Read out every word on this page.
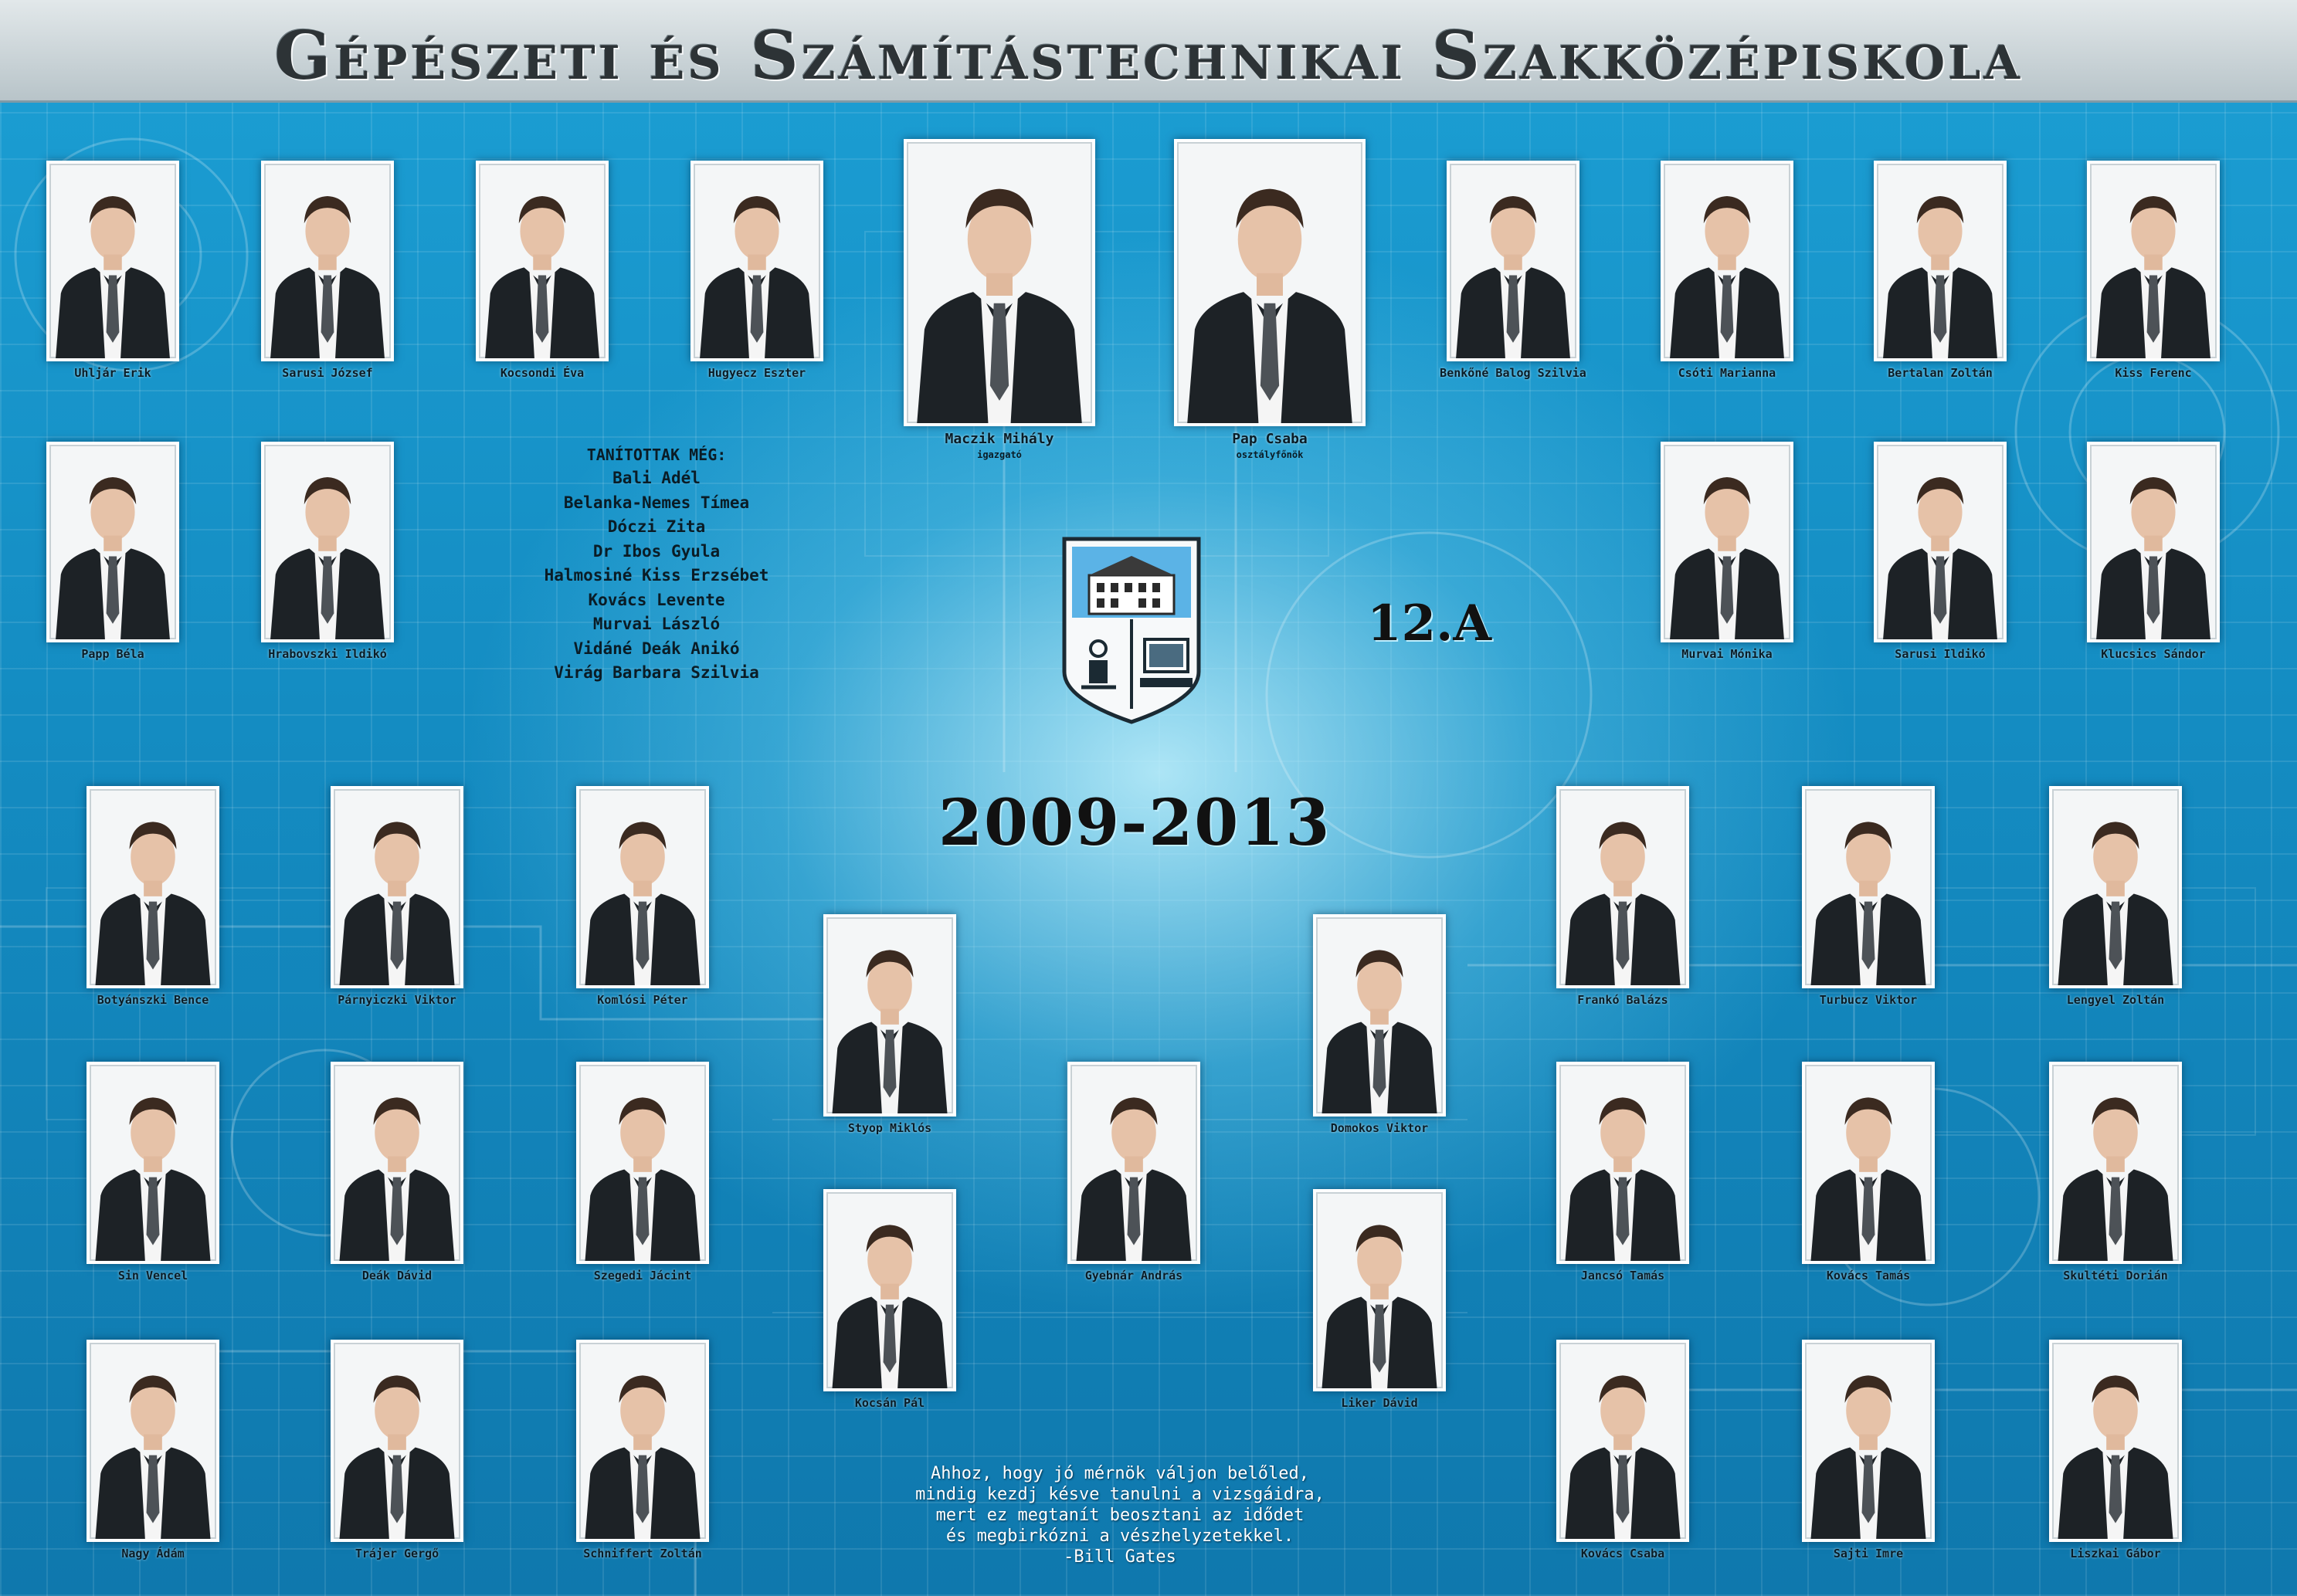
Gépészeti és Számítástechnikai Szakközépiskola
Uhljár Erik	Sarusi József	Kocsondi Éva	Hugyecz Eszter
Maczik Mihály
igazgató
Pap Csaba
osztályfőnök
Benkőné Balog Szilvia	Csóti Marianna	Bertalan Zoltán	Kiss Ferenc
Papp Béla	Hrabovszki Ildikó	Murvai Mónika	Sarusi Ildikó	Klucsics Sándor
TANÍTOTTAK MÉG:
Bali Adél
Belanka-Nemes Tímea
Dóczi Zita
Dr Ibos Gyula
Halmosiné Kiss Erzsébet
Kovács Levente
Murvai László
Vidáné Deák Anikó
Virág Barbara Szilvia
12.A
2009-2013
Botyánszki Bence	Párnyiczki Viktor	Komlósi Péter	Frankó Balázs	Turbucz Viktor	Lengyel Zoltán
Styop Miklós	Domokos Viktor
Sin Vencel	Deák Dávid	Szegedi Jácint	Gyebnár András	Jancsó Tamás	Kovács Tamás	Skultéti Dorián
Kocsán Pál	Liker Dávid
Nagy Ádám	Trájer Gergő	Schniffert Zoltán	Kovács Csaba	Sajti Imre	Liszkai Gábor
Ahhoz, hogy jó mérnök váljon belőled,
mindig kezdj késve tanulni a vizsgáidra,
mert ez megtanít beosztani az idődet
és megbirkózni a vészhelyzetekkel.
-Bill Gates
